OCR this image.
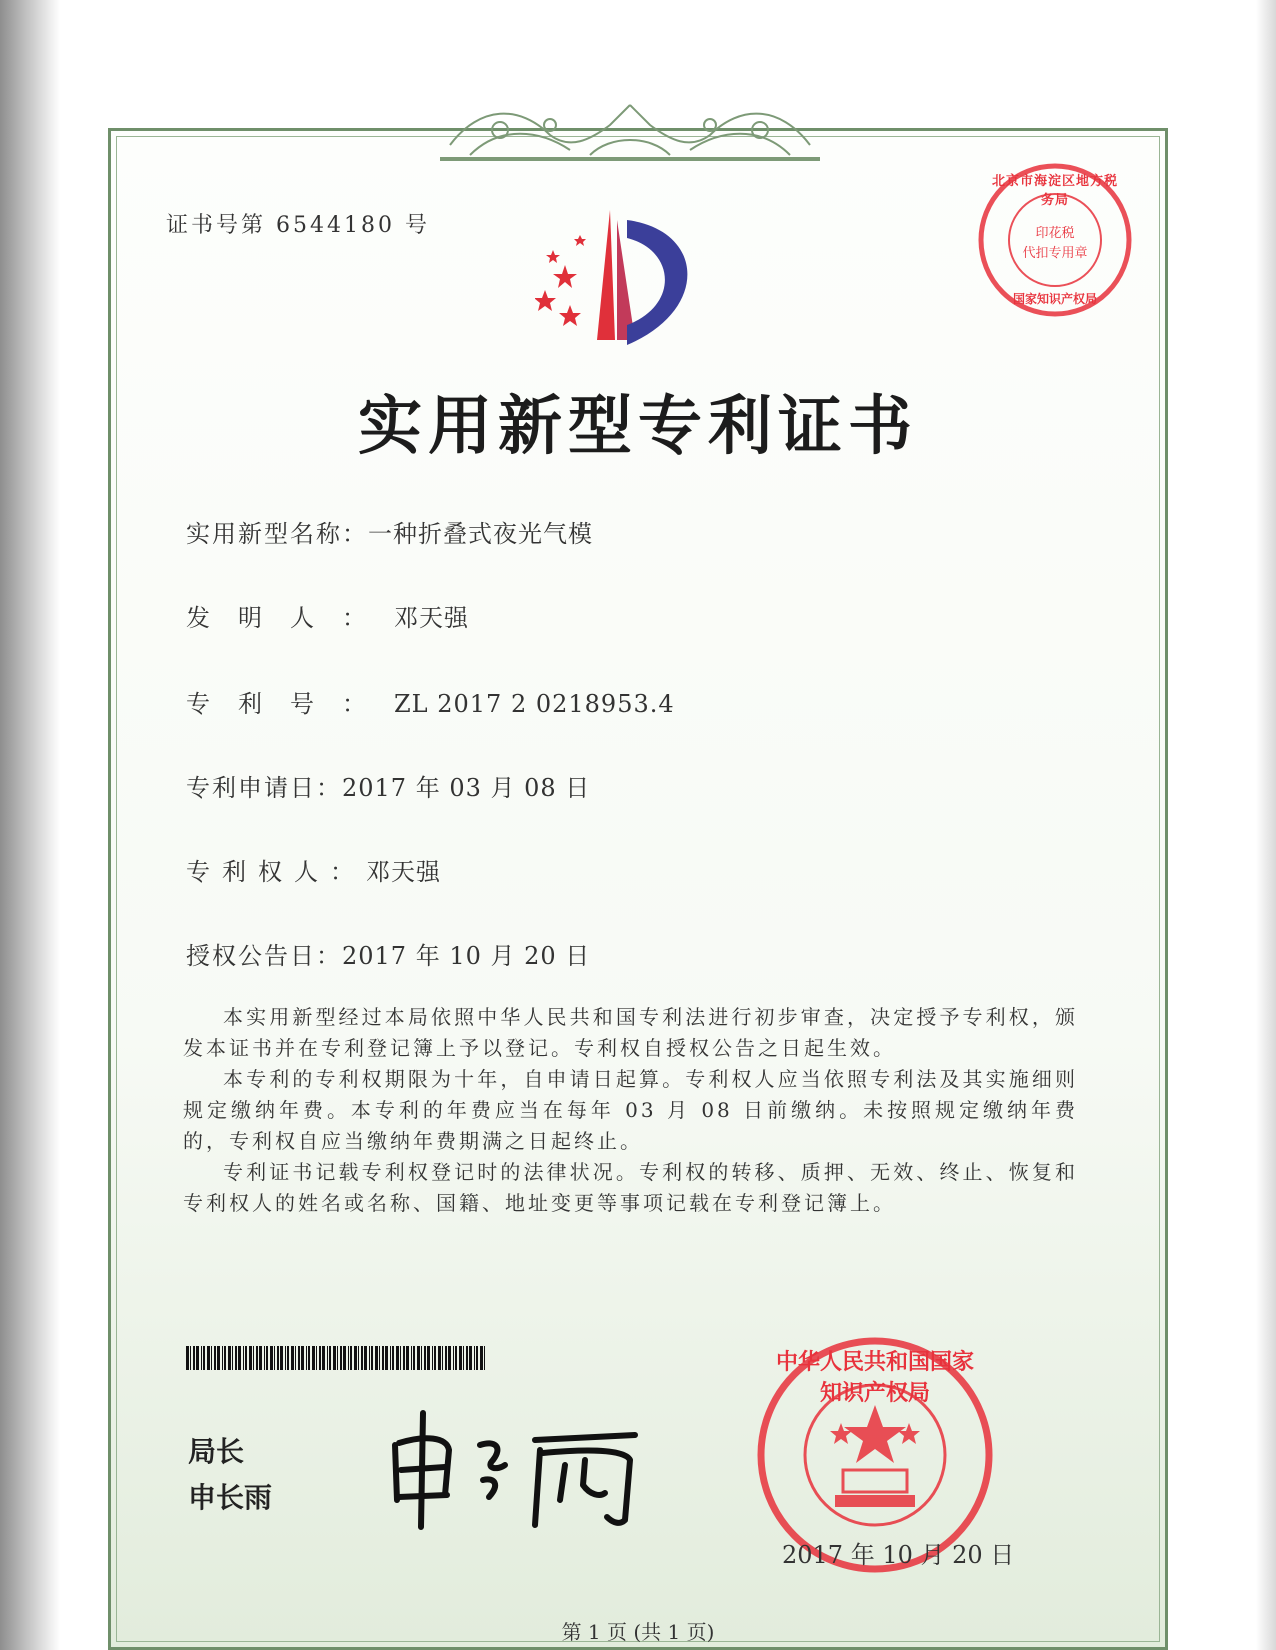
证书号第 6544180 号
实用新型专利证书
实用新型名称：一种折叠式夜光气模
发明人：邓天强
专利号：ZL 2017 2 0218953.4
专利申请日：2017 年 03 月 08 日
专利权人：邓天强
授权公告日：2017 年 10 月 20 日

本实用新型经过本局依照中华人民共和国专利法进行初步审查，决定授予专利权，颁发本证书并在专利登记簿上予以登记。专利权自授权公告之日起生效。

本专利的专利权期限为十年，自申请日起算。专利权人应当依照专利法及其实施细则规定缴纳年费。本专利的年费应当在每年 03 月 08 日前缴纳。未按照规定缴纳年费的，专利权自应当缴纳年费期满之日起终止。

专利证书记载专利权登记时的法律状况。专利权的转移、质押、无效、终止、恢复和专利权人的姓名或名称、国籍、地址变更等事项记载在专利登记簿上。

局长
申长雨
北京市海淀区地方税务局
印花税
代扣专用章
国家知识产权局
中华人民共和国国家知识产权局
2017 年 10 月 20 日
第 1 页 (共 1 页)
